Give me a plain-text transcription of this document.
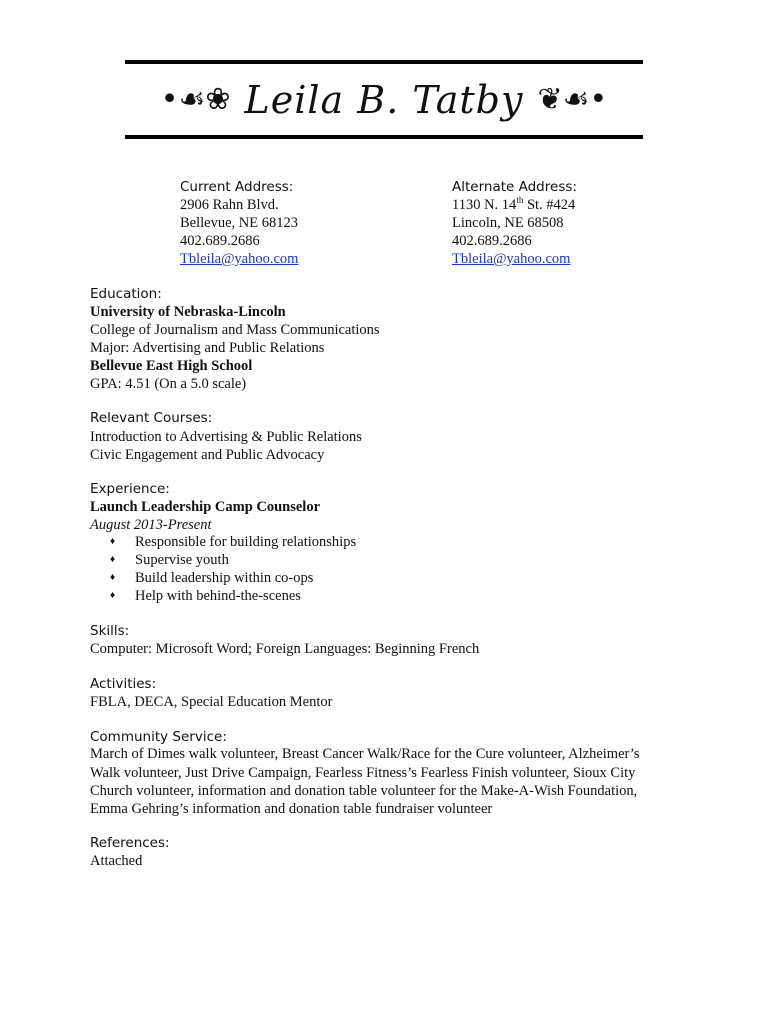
•☙❀ Leila B. Tatby ❦☙•
Current Address:
2906 Rahn Blvd.
Bellevue, NE 68123
402.689.2686
Tbleila@yahoo.com
Alternate Address:
1130 N. 14th St. #424
Lincoln, NE 68508
402.689.2686
Tbleila@yahoo.com
Education:
University of Nebraska-Lincoln
College of Journalism and Mass Communications
Major: Advertising and Public Relations
Bellevue East High School
GPA: 4.51 (On a 5.0 scale)
Relevant Courses:
Introduction to Advertising & Public Relations
Civic Engagement and Public Advocacy
Experience:
Launch Leadership Camp Counselor
August 2013-Present
♦ Responsible for building relationships
♦ Supervise youth
♦ Build leadership within co-ops
♦ Help with behind-the-scenes
Skills:
Computer: Microsoft Word; Foreign Languages: Beginning French
Activities:
FBLA, DECA, Special Education Mentor
Community Service:
March of Dimes walk volunteer, Breast Cancer Walk/Race for the Cure volunteer, Alzheimer’s
Walk volunteer, Just Drive Campaign, Fearless Fitness’s Fearless Finish volunteer, Sioux City
Church volunteer, information and donation table volunteer for the Make-A-Wish Foundation,
Emma Gehring’s information and donation table fundraiser volunteer
References:
Attached
